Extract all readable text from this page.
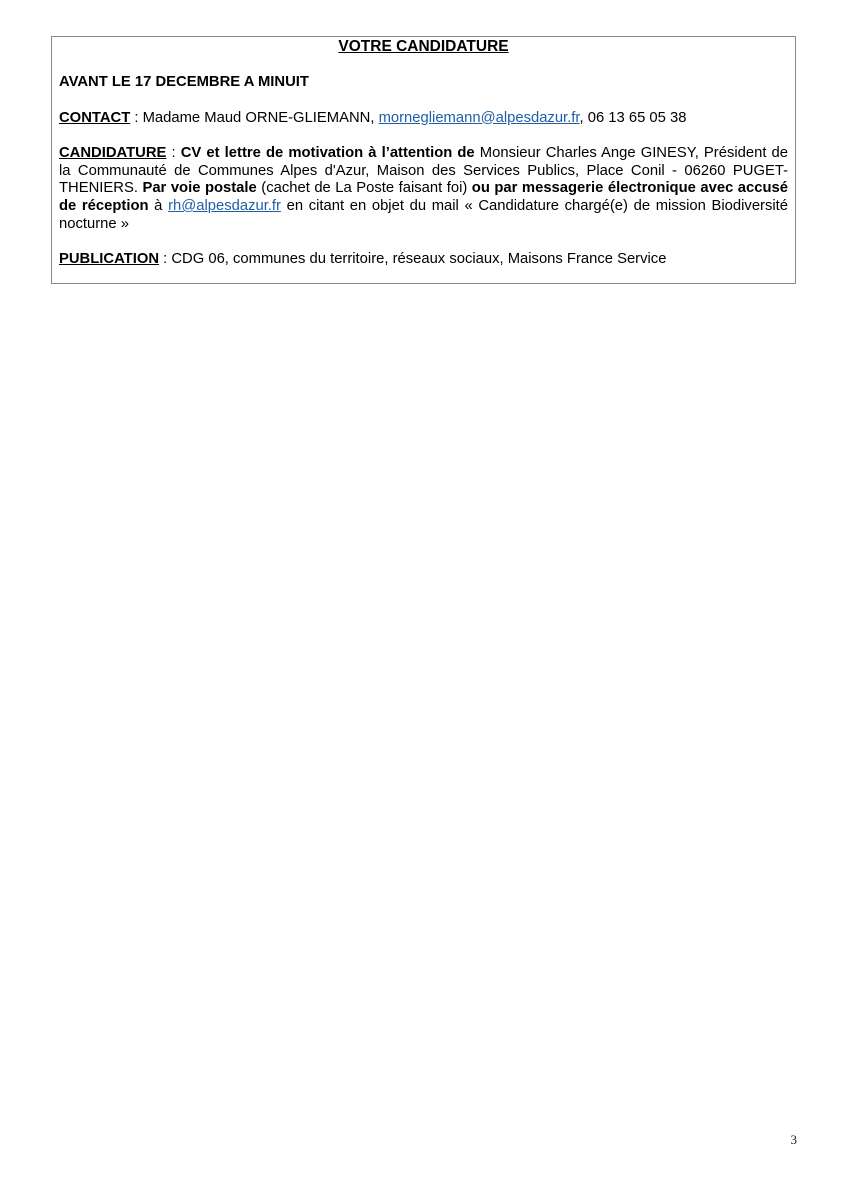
VOTRE CANDIDATURE
AVANT LE 17 DECEMBRE A MINUIT
CONTACT : Madame Maud ORNE-GLIEMANN, mornegliemann@alpesdazur.fr, 06 13 65 05 38
CANDIDATURE : CV et lettre de motivation à l’attention de Monsieur Charles Ange GINESY, Président de la Communauté de Communes Alpes d'Azur, Maison des Services Publics, Place Conil - 06260 PUGET-THENIERS. Par voie postale (cachet de La Poste faisant foi) ou par messagerie électronique avec accusé de réception à rh@alpesdazur.fr en citant en objet du mail « Candidature chargé(e) de mission Biodiversité nocturne »
PUBLICATION : CDG 06, communes du territoire, réseaux sociaux, Maisons France Service
3
